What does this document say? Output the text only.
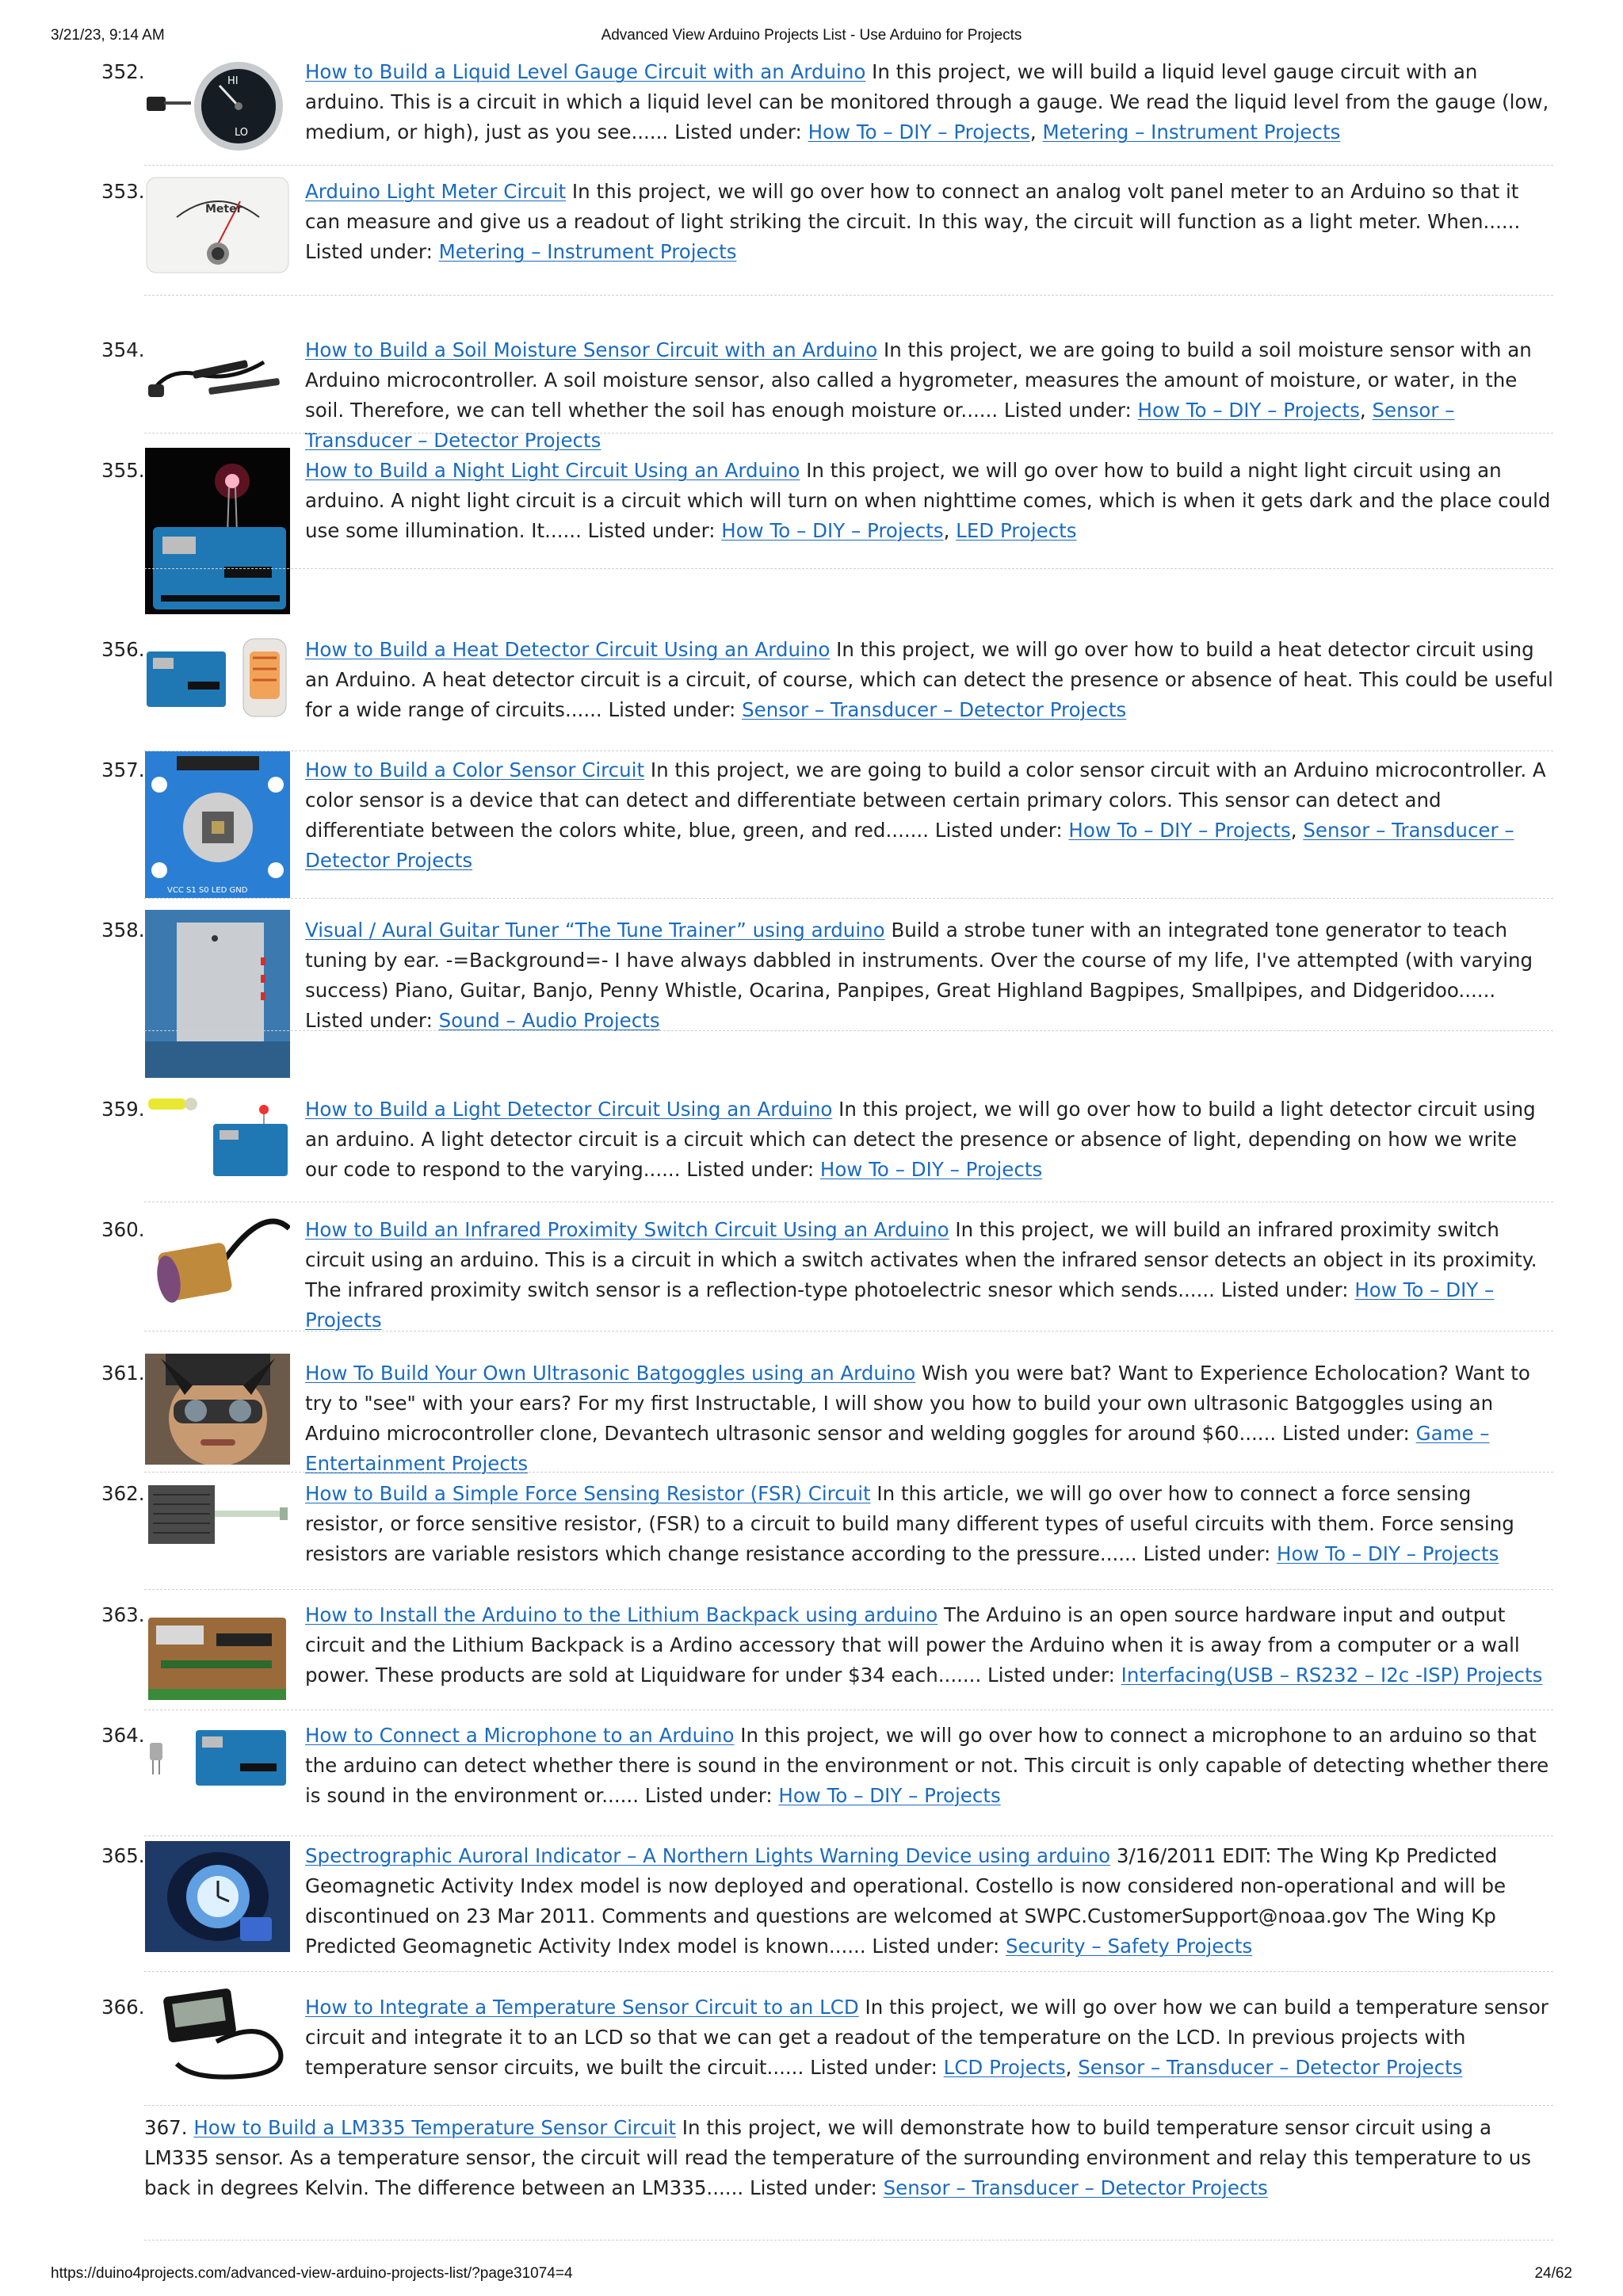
3/21/23, 9:14 AM	Advanced View Arduino Projects List - Use Arduino for Projects
352.	HI
LO
How to Build a Liquid Level Gauge Circuit with an Arduino In this project, we will build a liquid level gauge circuit with an arduino. This is a circuit in which a liquid level can be monitored through a gauge. We read the liquid level from the gauge (low, medium, or high), just as you see...... Listed under: How To – DIY – Projects, Metering – Instrument Projects
353.
Meter
Arduino Light Meter Circuit In this project, we will go over how to connect an analog volt panel meter to an Arduino so that it can measure and give us a readout of light striking the circuit. In this way, the circuit will function as a light meter. When...... Listed under: Metering – Instrument Projects
354.	How to Build a Soil Moisture Sensor Circuit with an Arduino In this project, we are going to build a soil moisture sensor with an Arduino microcontroller. A soil moisture sensor, also called a hygrometer, measures the amount of moisture, or water, in the soil. Therefore, we can tell whether the soil has enough moisture or...... Listed under: How To – DIY – Projects, Sensor – Transducer – Detector Projects
355.	How to Build a Night Light Circuit Using an Arduino In this project, we will go over how to build a night light circuit using an arduino. A night light circuit is a circuit which will turn on when nighttime comes, which is when it gets dark and the place could use some illumination. It...... Listed under: How To – DIY – Projects, LED Projects
356.	How to Build a Heat Detector Circuit Using an Arduino In this project, we will go over how to build a heat detector circuit using an Arduino. A heat detector circuit is a circuit, of course, which can detect the presence or absence of heat. This could be useful for a wide range of circuits...... Listed under: Sensor – Transducer – Detector Projects
357.
VCC S1 S0 LED GND
How to Build a Color Sensor Circuit In this project, we are going to build a color sensor circuit with an Arduino microcontroller. A color sensor is a device that can detect and differentiate between certain primary colors. This sensor can detect and differentiate between the colors white, blue, green, and red....... Listed under: How To – DIY – Projects, Sensor – Transducer – Detector Projects
358.	Visual / Aural Guitar Tuner “The Tune Trainer” using arduino Build a strobe tuner with an integrated tone generator to teach tuning by ear. -=Background=- I have always dabbled in instruments. Over the course of my life, I've attempted (with varying success) Piano, Guitar, Banjo, Penny Whistle, Ocarina, Panpipes, Great Highland Bagpipes, Smallpipes, and Didgeridoo...... Listed under: Sound – Audio Projects
359.	How to Build a Light Detector Circuit Using an Arduino In this project, we will go over how to build a light detector circuit using an arduino. A light detector circuit is a circuit which can detect the presence or absence of light, depending on how we write our code to respond to the varying...... Listed under: How To – DIY – Projects
360.	How to Build an Infrared Proximity Switch Circuit Using an Arduino In this project, we will build an infrared proximity switch circuit using an arduino. This is a circuit in which a switch activates when the infrared sensor detects an object in its proximity. The infrared proximity switch sensor is a reflection-type photoelectric snesor which sends...... Listed under: How To – DIY – Projects
361.	How To Build Your Own Ultrasonic Batgoggles using an Arduino Wish you were bat? Want to Experience Echolocation? Want to try to "see" with your ears? For my first Instructable, I will show you how to build your own ultrasonic Batgoggles using an Arduino microcontroller clone, Devantech ultrasonic sensor and welding goggles for around $60...... Listed under: Game – Entertainment Projects
362.	How to Build a Simple Force Sensing Resistor (FSR) Circuit In this article, we will go over how to connect a force sensing resistor, or force sensitive resistor, (FSR) to a circuit to build many different types of useful circuits with them. Force sensing resistors are variable resistors which change resistance according to the pressure...... Listed under: How To – DIY – Projects
363.	How to Install the Arduino to the Lithium Backpack using arduino The Arduino is an open source hardware input and output circuit and the Lithium Backpack is a Ardino accessory that will power the Arduino when it is away from a computer or a wall power. These products are sold at Liquidware for under $34 each....... Listed under: Interfacing(USB – RS232 – I2c -ISP) Projects
364.	How to Connect a Microphone to an Arduino In this project, we will go over how to connect a microphone to an arduino so that the arduino can detect whether there is sound in the environment or not. This circuit is only capable of detecting whether there is sound in the environment or...... Listed under: How To – DIY – Projects
365.	Spectrographic Auroral Indicator – A Northern Lights Warning Device using arduino 3/16/2011 EDIT: The Wing Kp Predicted Geomagnetic Activity Index model is now deployed and operational. Costello is now considered non-operational and will be discontinued on 23 Mar 2011. Comments and questions are welcomed at SWPC.CustomerSupport@noaa.gov The Wing Kp Predicted Geomagnetic Activity Index model is known...... Listed under: Security – Safety Projects
366.	How to Integrate a Temperature Sensor Circuit to an LCD In this project, we will go over how we can build a temperature sensor circuit and integrate it to an LCD so that we can get a readout of the temperature on the LCD. In previous projects with temperature sensor circuits, we built the circuit...... Listed under: LCD Projects, Sensor – Transducer – Detector Projects
367. How to Build a LM335 Temperature Sensor Circuit In this project, we will demonstrate how to build temperature sensor circuit using a LM335 sensor. As a temperature sensor, the circuit will read the temperature of the surrounding environment and relay this temperature to us back in degrees Kelvin. The difference between an LM335...... Listed under: Sensor – Transducer – Detector Projects
https://duino4projects.com/advanced-view-arduino-projects-list/?page31074=4	24/62
